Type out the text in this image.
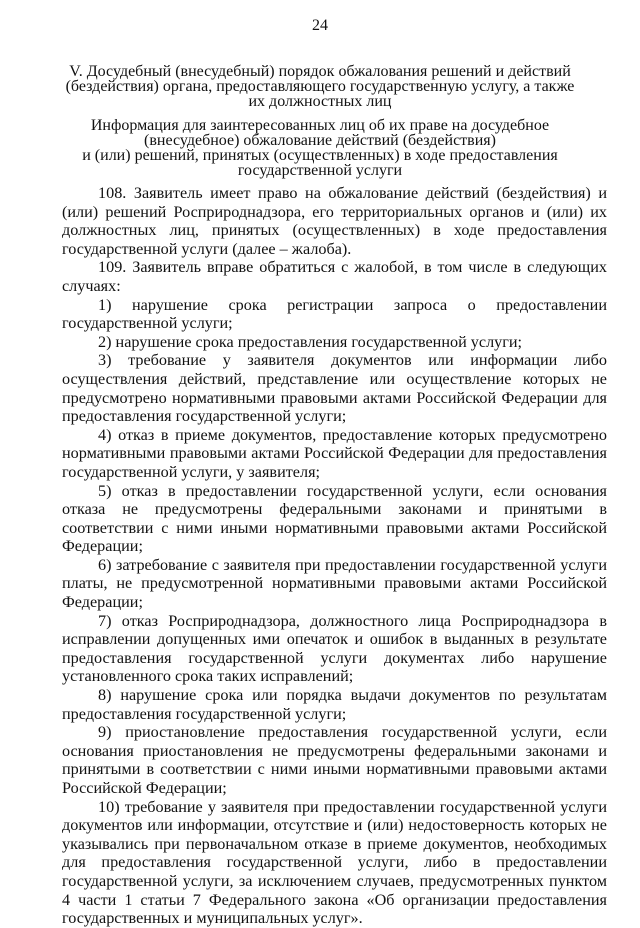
24
V. Досудебный (внесудебный) порядок обжалования решений и действий
(бездействия) органа, предоставляющего государственную услугу, а также
их должностных лиц
Информация для заинтересованных лиц об их праве на досудебное
(внесудебное) обжалование действий (бездействия)
и (или) решений, принятых (осуществленных) в ходе предоставления
государственной услуги

108. Заявитель имеет право на обжалование действий (бездействия) и (или) решений Росприроднадзора, его территориальных органов и (или) их должностных лиц, принятых (осуществленных) в ходе предоставления государственной услуги (далее – жалоба).

109. Заявитель вправе обратиться с жалобой, в том числе в следующих случаях:

1) нарушение срока регистрации запроса о предоставлении государственной услуги;

2) нарушение срока предоставления государственной услуги;

3) требование у заявителя документов или информации либо осуществления действий, представление или осуществление которых не предусмотрено нормативными правовыми актами Российской Федерации для предоставления государственной услуги;

4) отказ в приеме документов, предоставление которых предусмотрено нормативными правовыми актами Российской Федерации для предоставления государственной услуги, у заявителя;

5) отказ в предоставлении государственной услуги, если основания отказа не предусмотрены федеральными законами и принятыми в соответствии с ними иными нормативными правовыми актами Российской Федерации;

6) затребование с заявителя при предоставлении государственной услуги платы, не предусмотренной нормативными правовыми актами Российской Федерации;

7) отказ Росприроднадзора, должностного лица Росприроднадзора в исправлении допущенных ими опечаток и ошибок в выданных в результате предоставления государственной услуги документах либо нарушение установленного срока таких исправлений;

8) нарушение срока или порядка выдачи документов по результатам предоставления государственной услуги;

9) приостановление предоставления государственной услуги, если основания приостановления не предусмотрены федеральными законами и принятыми в соответствии с ними иными нормативными правовыми актами Российской Федерации;

10) требование у заявителя при предоставлении государственной услуги документов или информации, отсутствие и (или) недостоверность которых не указывались при первоначальном отказе в приеме документов, необходимых для предоставления государственной услуги, либо в предоставлении государственной услуги, за исключением случаев, предусмотренных пунктом 4 части 1 статьи 7 Федерального закона «Об организации предоставления государственных и муниципальных услуг».
